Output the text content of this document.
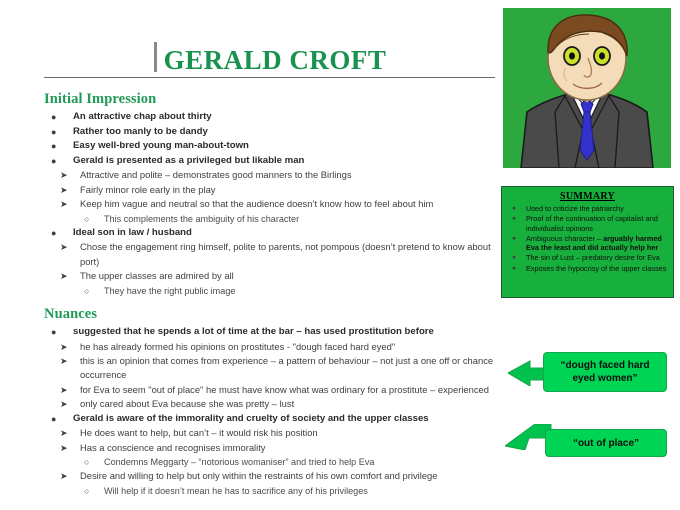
GERALD CROFT
Initial Impression
●	An attractive chap about thirty
●	Rather too manly to be dandy
●	Easy well-bred young man-about-town
●	Gerald is presented as a privileged but likable man
➤	Attractive and polite – demonstrates good manners to the Birlings
➤	Fairly minor role early in the play
➤	Keep him vague and neutral so that the audience doesn’t know how to feel about him
○	This complements the ambiguity of his character
●	Ideal son in law / husband
➤	Chose the engagement ring himself, polite to parents, not pompous (doesn’t pretend to know about port)
➤	The upper classes are admired by all
○	They have the right public image
Nuances
●	suggested that he spends a lot of time at the bar – has used prostitution before
➤	he has already formed his opinions on prostitutes - "dough faced hard eyed"
➤	this is an opinion that comes from experience – a pattern of behaviour – not just a one off or chance occurrence
➤	for Eva to seem "out of place" he must have know what was ordinary for a prostitute – experienced
➤	only cared about Eva because she was pretty – lust
●	Gerald is aware of the immorality and cruelty of society and the upper classes
➤	He does want to help, but can’t – it would risk his position
➤	Has a conscience and recognises immorality
○	Condemns Meggarty – “notorious womaniser” and tried to help Eva
➤	Desire and willing to help but only within the restraints of his own comfort and privilege
○	Will help if it doesn’t mean he has to sacrifice any of his privileges
SUMMARY
●	Used to criticize the patriarchy
●	Proof of the continuation of capitalist and individualist opinions
●	Ambiguous character – arguably harmed Eva the least and did actually help her
●	The sin of Lust – predatory desire for Eva
●	Exposes the hypocrisy of the upper classes
“dough faced hard eyed women”
“out of place”
